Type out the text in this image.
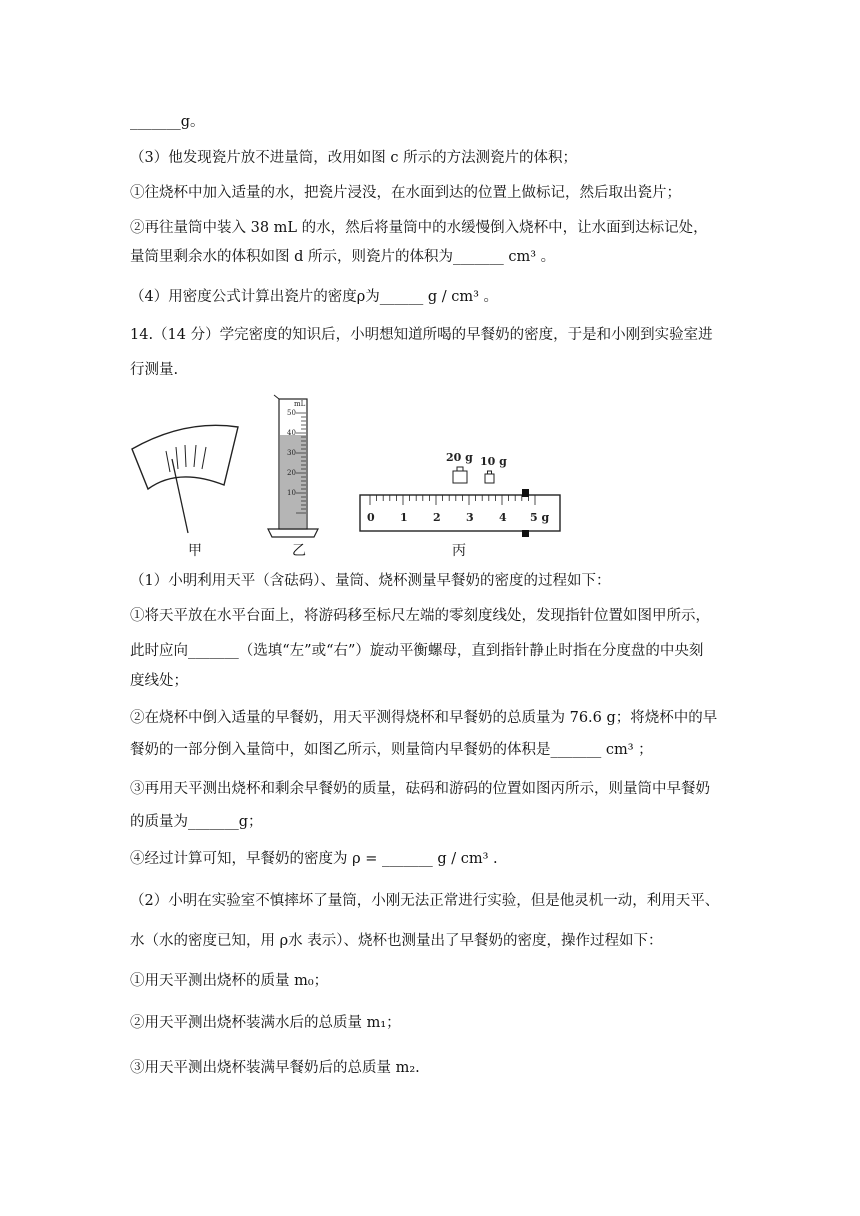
_______g。
（3）他发现瓷片放不进量筒，改用如图 c 所示的方法测瓷片的体积；
①往烧杯中加入适量的水，把瓷片浸没，在水面到达的位置上做标记，然后取出瓷片；
②再往量筒中装入 38 mL 的水，然后将量筒中的水缓慢倒入烧杯中，让水面到达标记处，
量筒里剩余水的体积如图 d 所示，则瓷片的体积为_______ cm³ 。
（4）用密度公式计算出瓷片的密度ρ为______ g / cm³ 。
14.（14 分）学完密度的知识后，小明想知道所喝的早餐奶的密度，于是和小刚到实验室进
行测量.
（1）小明利用天平（含砝码）、量筒、烧杯测量早餐奶的密度的过程如下：
①将天平放在水平台面上，将游码移至标尺左端的零刻度线处，发现指针位置如图甲所示，
此时应向_______（选填“左”或“右”）旋动平衡螺母，直到指针静止时指在分度盘的中央刻
度线处；
②在烧杯中倒入适量的早餐奶，用天平测得烧杯和早餐奶的总质量为 76.6 g；将烧杯中的早
餐奶的一部分倒入量筒中，如图乙所示，则量筒内早餐奶的体积是_______ cm³ ；
③再用天平测出烧杯和剩余早餐奶的质量，砝码和游码的位置如图丙所示，则量筒中早餐奶
的质量为_______g；
④经过计算可知，早餐奶的密度为 ρ = _______ g / cm³ .
（2）小明在实验室不慎摔坏了量筒，小刚无法正常进行实验，但是他灵机一动，利用天平、
水（水的密度已知，用 ρ水 表示）、烧杯也测量出了早餐奶的密度，操作过程如下：
①用天平测出烧杯的质量 m₀；
②用天平测出烧杯装满水后的总质量 m₁；
③用天平测出烧杯装满早餐奶后的总质量 m₂.
mL
50
40
30
20
10
20 g 10 g
0 1 2 3 4 5 g
甲	乙	丙
